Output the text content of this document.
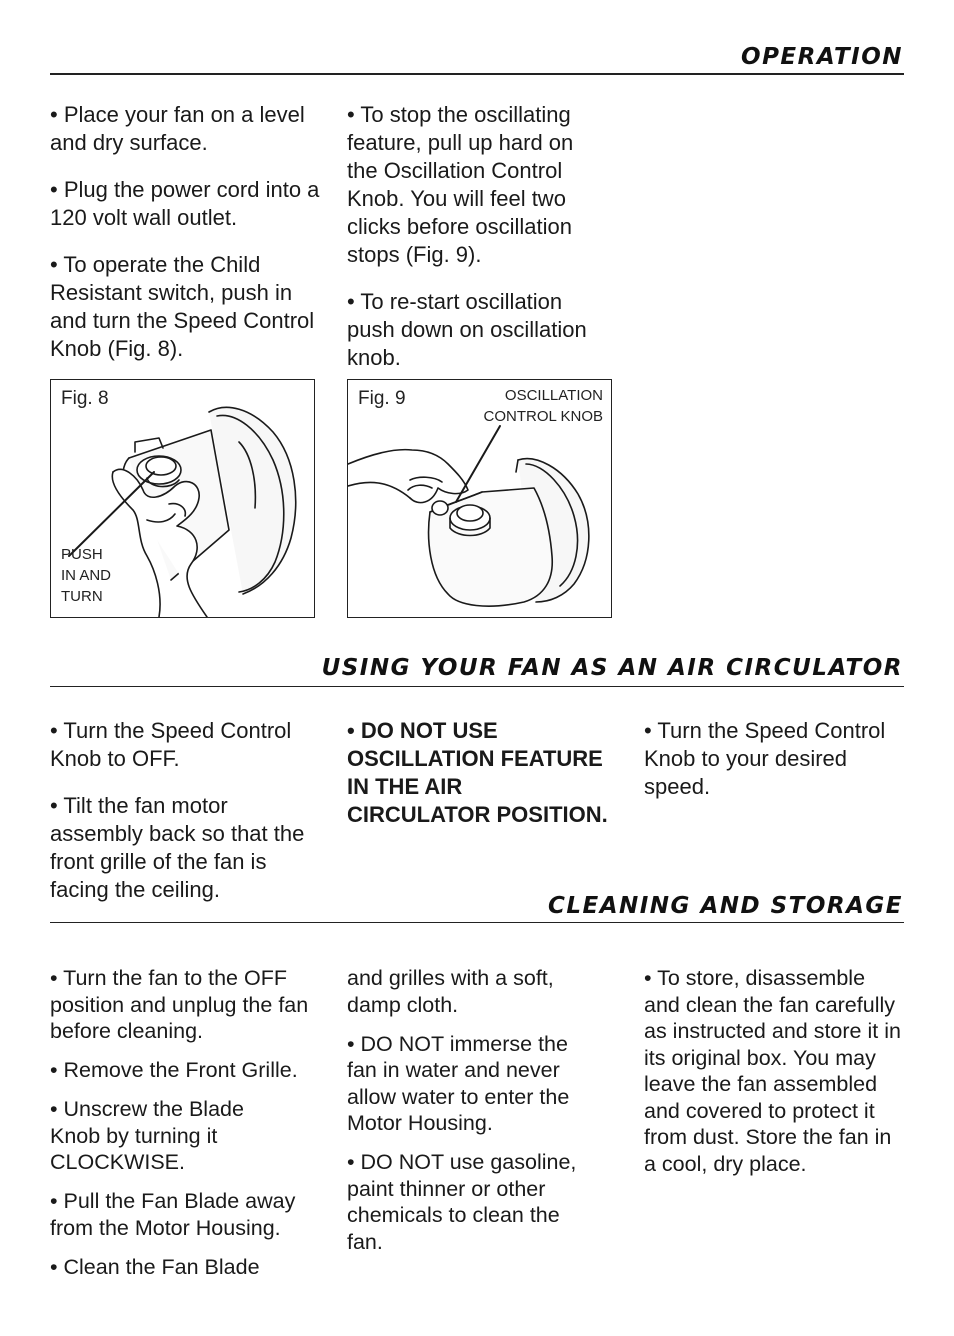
OPERATION

• Place your fan on a level and dry surface.

• Plug the power cord into a 120 volt wall outlet.

• To operate the Child Resistant switch, push in and turn the Speed Control Knob (Fig. 8).

• To stop the oscillating feature, pull up hard on the Oscillation Control Knob. You will feel two clicks before oscillation stops (Fig. 9).

• To re-start oscillation push down on oscillation knob.

Fig. 8
PUSH
IN AND
TURN
Fig. 9	OSCILLATION
CONTROL KNOB
USING YOUR FAN AS AN AIR CIRCULATOR

• Turn the Speed Control Knob to OFF.

• Tilt the fan motor assembly back so that the front grille of the fan is facing the ceiling.

• DO NOT USE OSCILLATION FEATURE IN THE AIR CIRCULATOR POSITION.

• Turn the Speed Control Knob to your desired speed.

CLEANING AND STORAGE

• Turn the fan to the OFF position and unplug the fan before cleaning.

• Remove the Front Grille.

• Unscrew the Blade Knob by turning it CLOCKWISE.

• Pull the Fan Blade away from the Motor Housing.

• Clean the Fan Blade

and grilles with a soft, damp cloth.

• DO NOT immerse the fan in water and never allow water to enter the Motor Housing.

• DO NOT use gasoline, paint thinner or other chemicals to clean the fan.

• To store, disassemble and clean the fan carefully as instructed and store it in its original box. You may leave the fan assembled and covered to protect it from dust. Store the fan in a cool, dry place.
